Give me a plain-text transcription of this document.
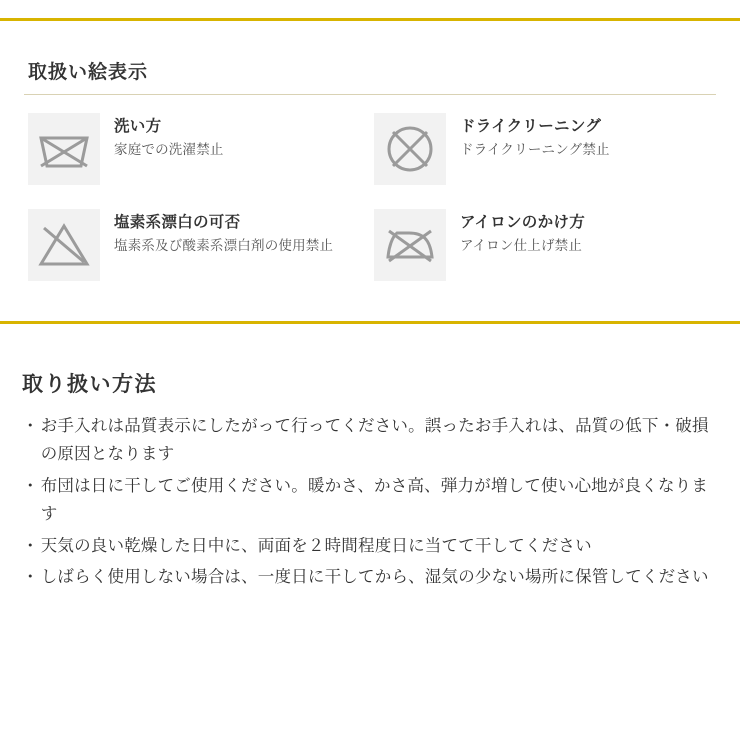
取扱い絵表示
洗い方
家庭での洗濯禁止
ドライクリーニング
ドライクリーニング禁止
塩素系漂白の可否
塩素系及び酸素系漂白剤の使用禁止
アイロンのかけ方
アイロン仕上げ禁止
取り扱い方法
・ お手入れは品質表示にしたがって行ってください。誤ったお手入れは、品質の低下・破損の原因となります
・ 布団は日に干してご使用ください。暖かさ、かさ高、弾力が増して使い心地が良くなります
・ 天気の良い乾燥した日中に、両面を２時間程度日に当てて干してください
・ しばらく使用しない場合は、一度日に干してから、湿気の少ない場所に保管してください
